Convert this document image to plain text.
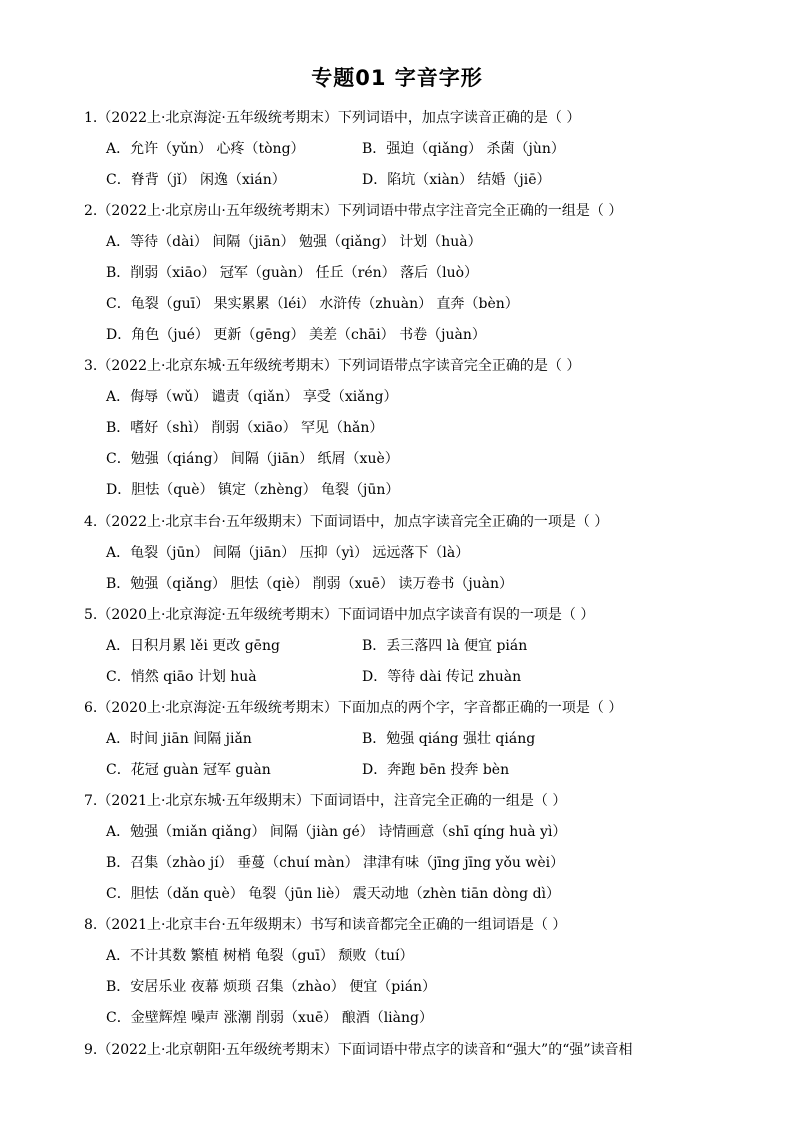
专题01 字音字形
1.（2022上·北京海淀·五年级统考期末）下列词语中，加点字读音正确的是（ ）
A．允许（yǔn） 心疼（tòng）	B．强迫（qiǎng） 杀菌（jùn）
C．脊背（jǐ） 闲逸（xián）	D．陷坑（xiàn） 结婚（jiē）
2.（2022上·北京房山·五年级统考期末）下列词语中带点字注音完全正确的一组是（ ）
A．等待（dài） 间隔（jiān） 勉强（qiǎng） 计划（huà）
B．削弱（xiāo） 冠军（guàn） 任丘（rén） 落后（luò）
C．龟裂（guī） 果实累累（léi） 水浒传（zhuàn） 直奔（bèn）
D．角色（jué） 更新（gēng） 美差（chāi） 书卷（juàn）
3.（2022上·北京东城·五年级统考期末）下列词语带点字读音完全正确的是（ ）
A．侮辱（wǔ） 谴责（qiǎn） 享受（xiǎng）
B．嗜好（shì） 削弱（xiāo） 罕见（hǎn）
C．勉强（qiáng） 间隔（jiān） 纸屑（xuè）
D．胆怯（què） 镇定（zhèng） 龟裂（jūn）
4.（2022上·北京丰台·五年级期末）下面词语中，加点字读音完全正确的一项是（ ）
A．龟裂（jūn） 间隔（jiān） 压抑（yì） 远远落下（là）
B．勉强（qiǎng） 胆怯（qiè） 削弱（xuē） 读万卷书（juàn）
5.（2020上·北京海淀·五年级统考期末）下面词语中加点字读音有误的一项是（ ）
A．日积月累 lěi 更改 gēng	B．丢三落四 là 便宜 pián
C．悄然 qiāo 计划 huà	D．等待 dài 传记 zhuàn
6.（2020上·北京海淀·五年级统考期末）下面加点的两个字，字音都正确的一项是（ ）
A．时间 jiān 间隔 jiǎn	B．勉强 qiáng 强壮 qiáng
C．花冠 guàn 冠军 guàn	D．奔跑 bēn 投奔 bèn
7.（2021上·北京东城·五年级期末）下面词语中，注音完全正确的一组是（ ）
A．勉强（miǎn qiǎng） 间隔（jiàn gé） 诗情画意（shī qíng huà yì）
B．召集（zhào jí） 垂蔓（chuí màn） 津津有味（jīng jīng yǒu wèi）
C．胆怯（dǎn què） 龟裂（jūn liè） 震天动地（zhèn tiān dòng dì）
8.（2021上·北京丰台·五年级期末）书写和读音都完全正确的一组词语是（ ）
A．不计其数 繁植 树梢 龟裂（guī） 颓败（tuí）
B．安居乐业 夜幕 烦琐 召集（zhào） 便宜（pián）
C．金壁辉煌 噪声 涨潮 削弱（xuē） 酿酒（liàng）
9.（2022上·北京朝阳·五年级统考期末）下面词语中带点字的读音和“强大”的“强”读音相
